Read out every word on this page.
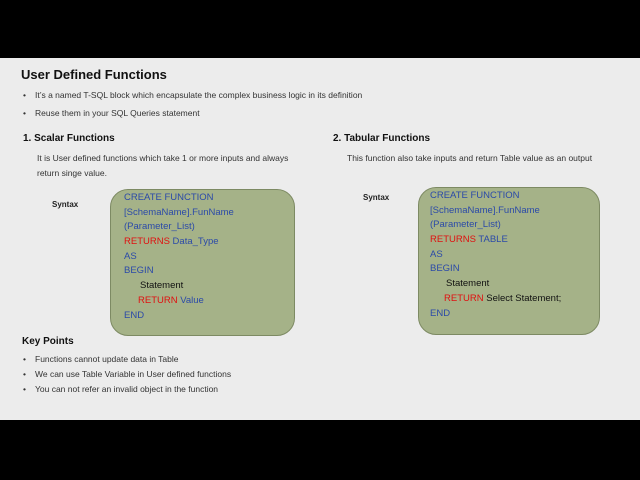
User Defined Functions
• It’s a named T-SQL block which encapsulate the complex business logic in its definition
• Reuse them in your SQL Queries statement
1. Scalar Functions
It is User defined functions which take 1 or more inputs and always return singe value.
Syntax
CREATE FUNCTION
[SchemaName].FunName
(Parameter_List)
RETURNS Data_Type
AS
BEGIN
Statement
RETURN Value
END
2. Tabular Functions
This function also take inputs and return Table value as an output
Syntax	CREATE FUNCTION
[SchemaName].FunName
(Parameter_List)
RETURNS TABLE
AS
BEGIN
Statement
RETURN Select Statement;
END
Key Points
• Functions cannot update data in Table
• We can use Table Variable in User defined functions
• You can not refer an invalid object in the function
